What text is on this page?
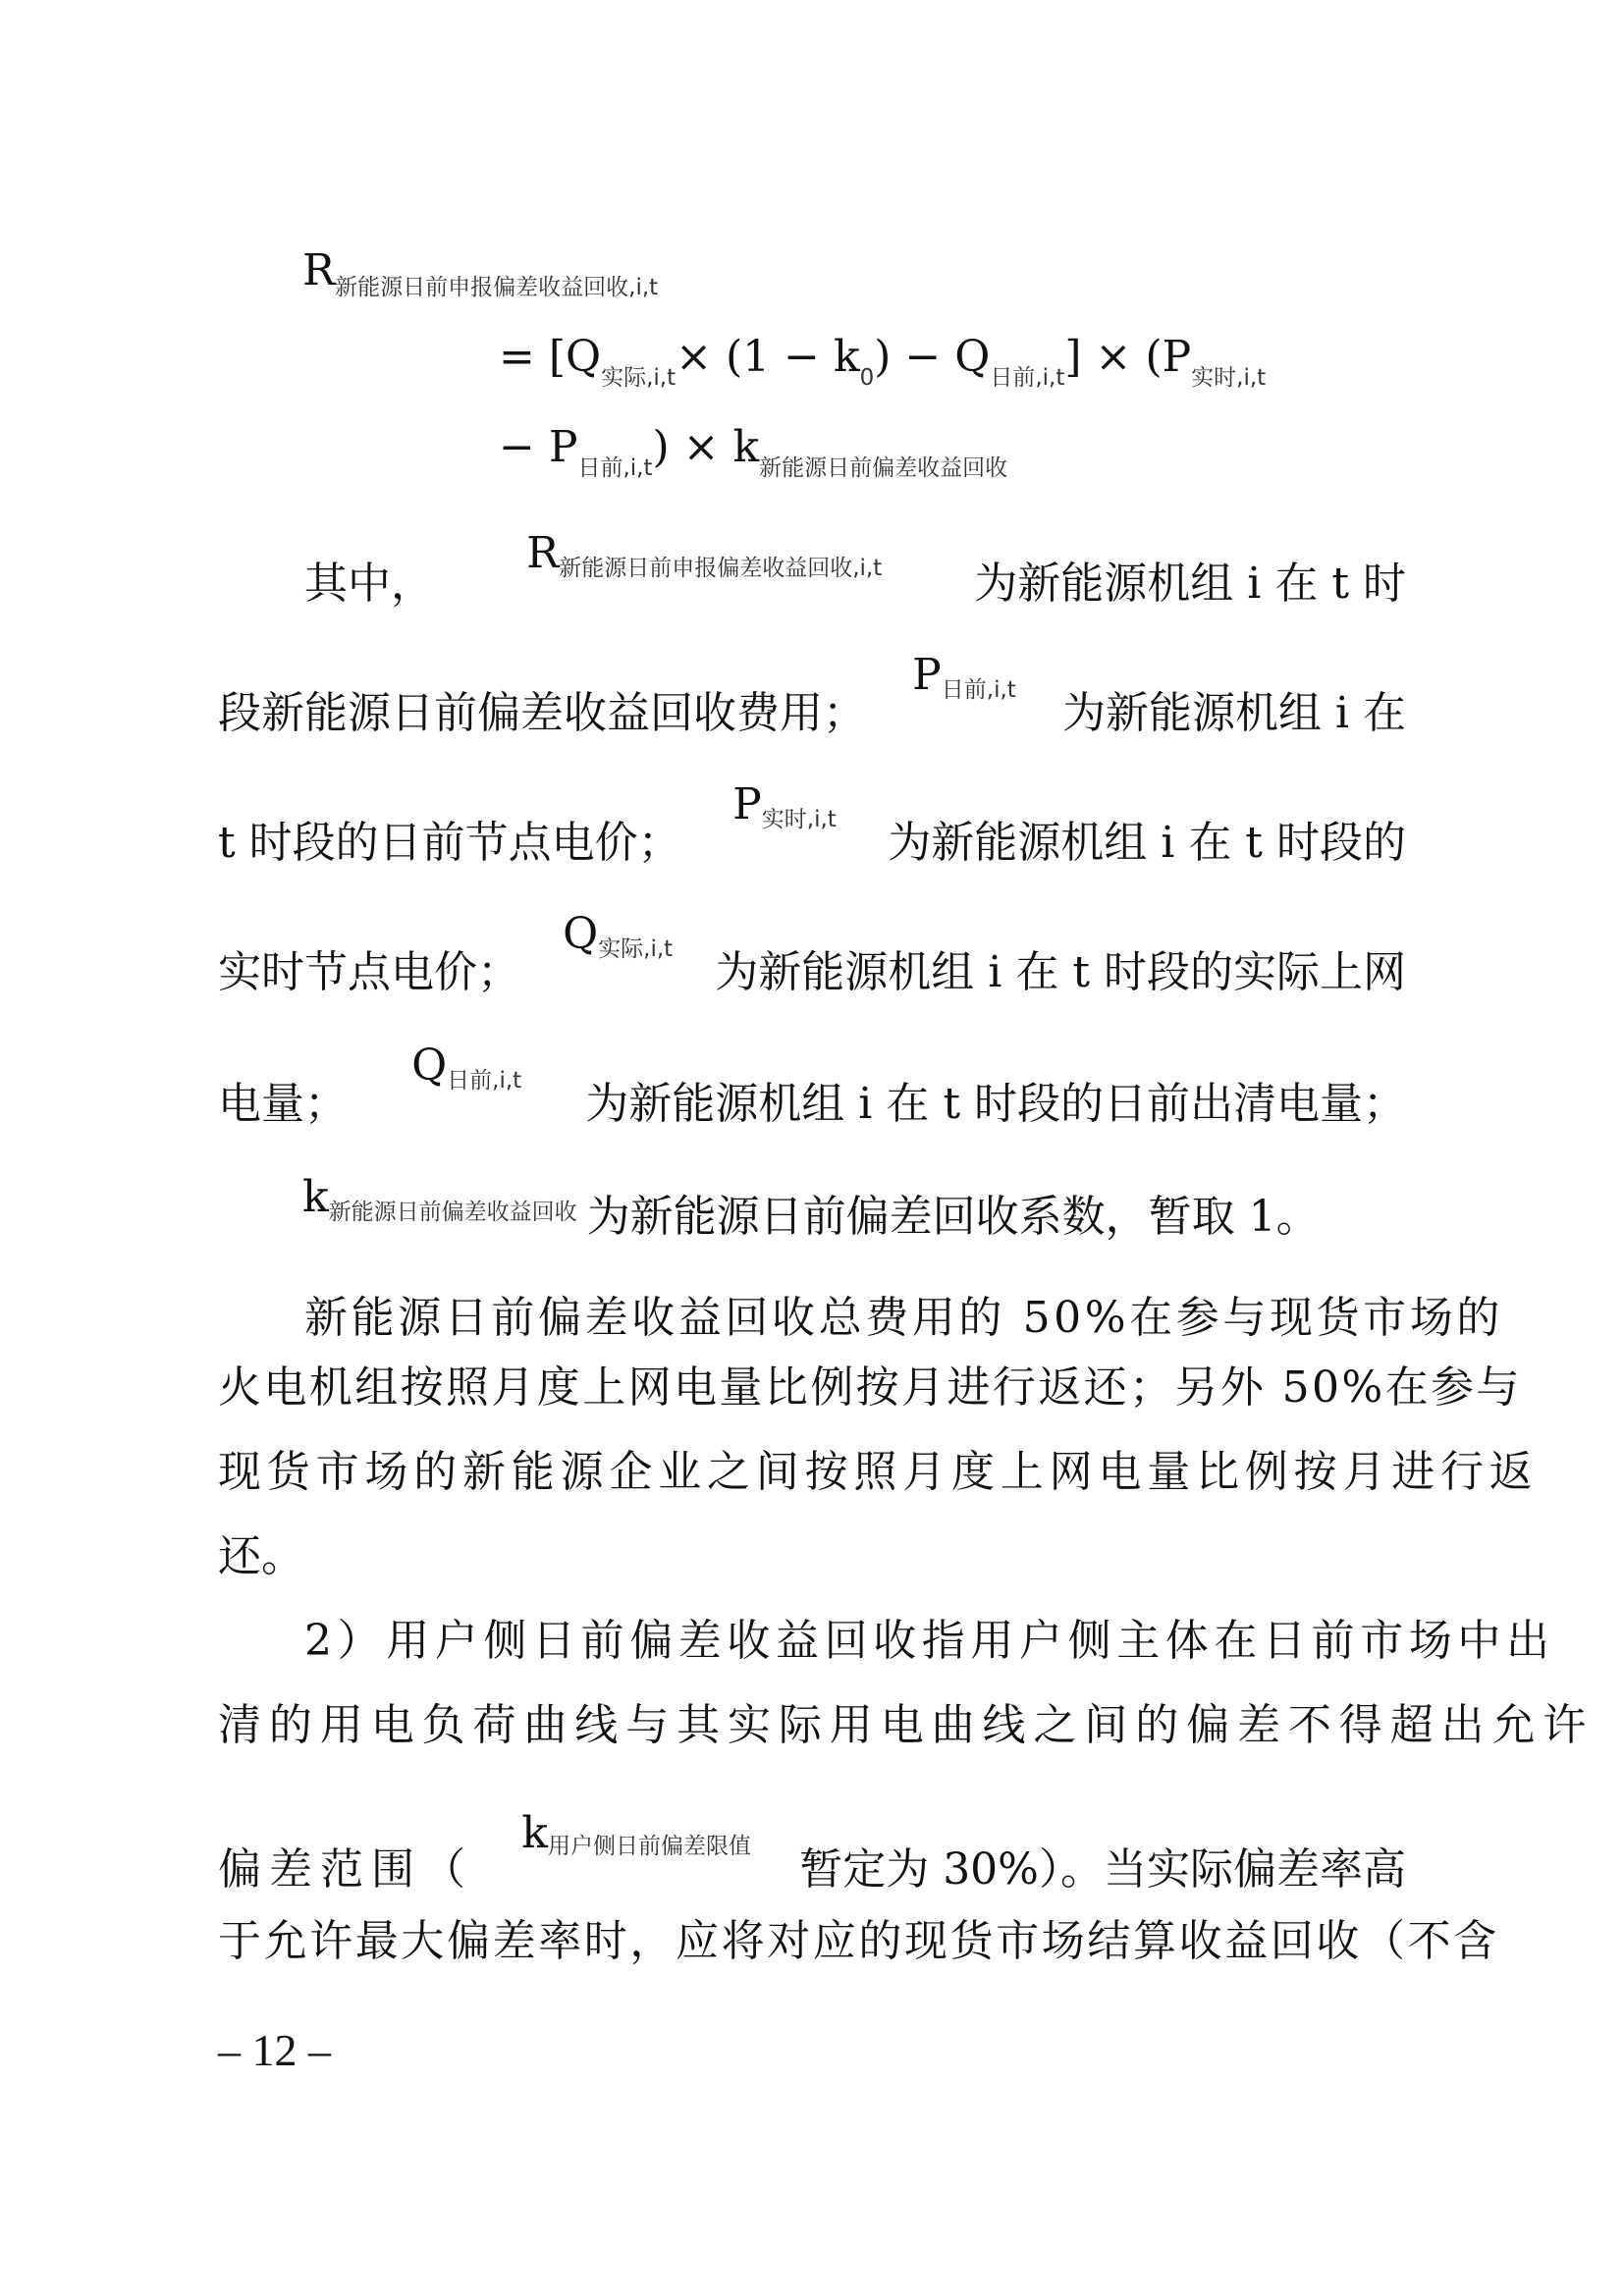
$R_{新能源日前申报偏差收益回收,i,t}$
= $[Q_{实际,i,t}\times (1 - k_0) - Q_{日前,i,t}] \times (P_{实时,i,t}$
− $P_{日前,i,t}) \times k_{新能源日前偏差收益回收}$
其中，
R新能源日前申报偏差收益回收,i,t 为新能源机组 i 在 t 时
段新能源日前偏差收益回收费用；
P日前,i,t 为新能源机组 i 在
t 时段的日前节点电价；
P实时,i,t 为新能源机组 i 在 t 时段的
实时节点电价；
Q实际,i,t 为新能源机组 i 在 t 时段的实际上网
电量；
Q日前,i,t 为新能源机组 i 在 t 时段的日前出清电量；
k新能源日前偏差收益回收 为新能源日前偏差回收系数，暂取 1。
新能源日前偏差收益回收总费用的 50%在参与现货市场的
火电机组按照月度上网电量比例按月进行返还；另外 50%在参与
现货市场的新能源企业之间按照月度上网电量比例按月进行返
还。
2）用户侧日前偏差收益回收指用户侧主体在日前市场中出
清的用电负荷曲线与其实际用电曲线之间的偏差不得超出允许
偏差范围（
k用户侧日前偏差限值 暂定为 30%）。当实际偏差率高
于允许最大偏差率时，应将对应的现货市场结算收益回收（不含
– 12 –
